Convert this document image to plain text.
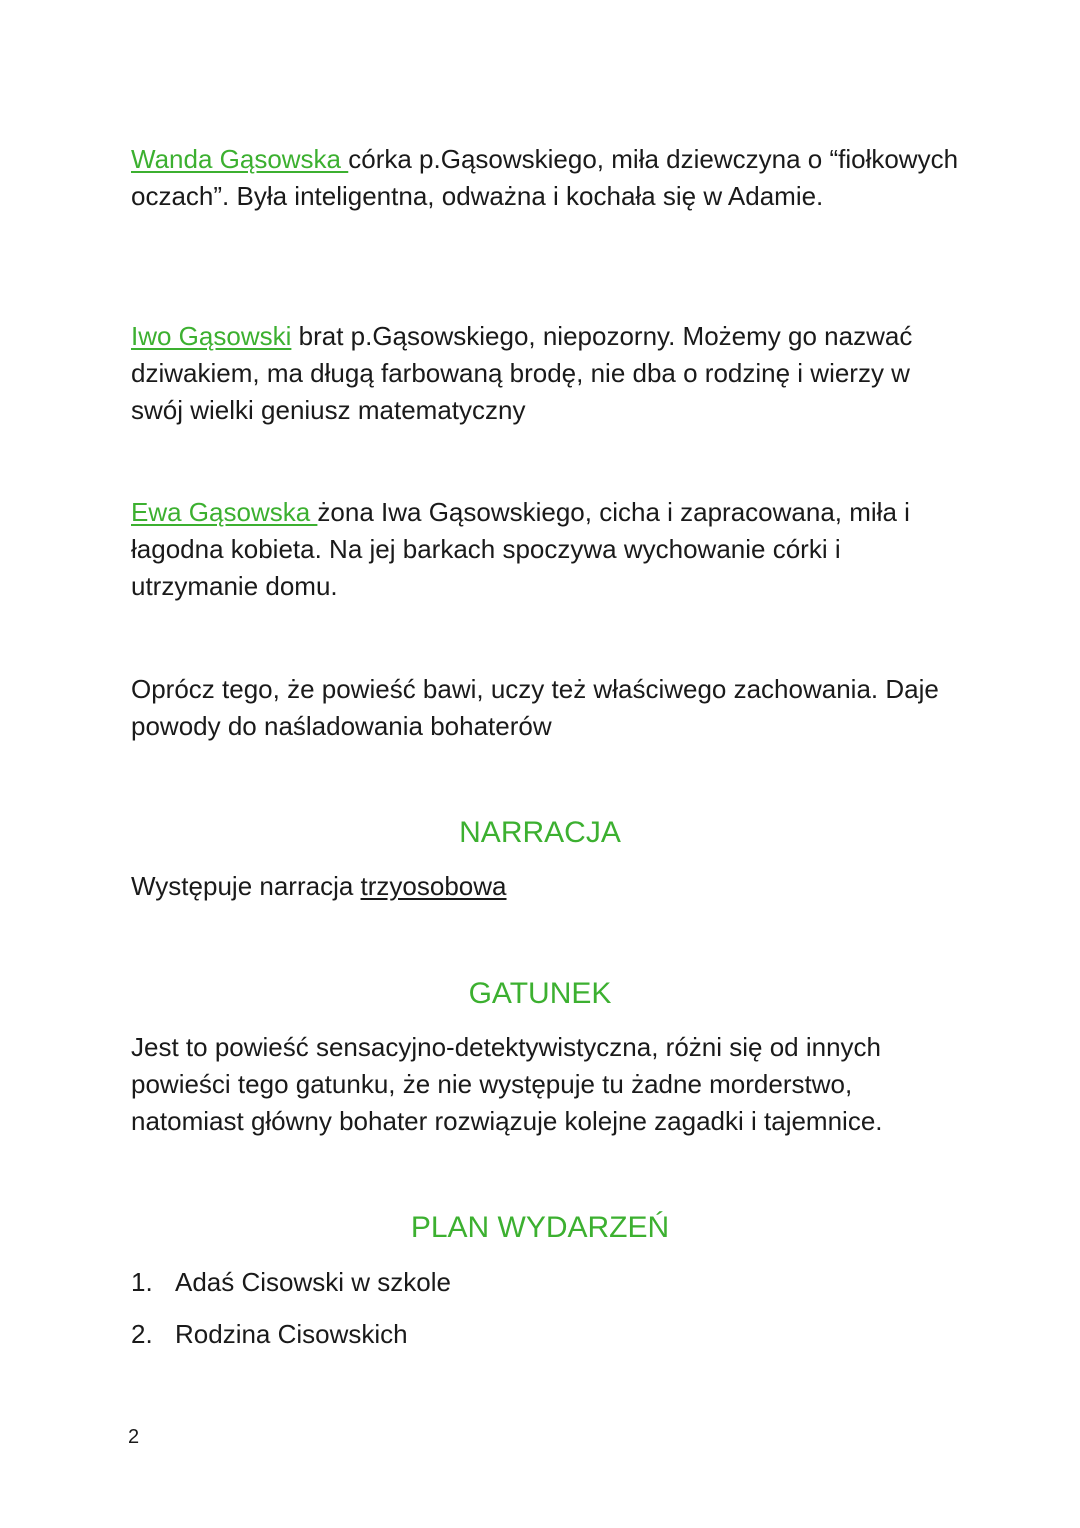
Wanda Gąsowska córka p.Gąsowskiego, miła dziewczyna o “fiołkowych oczach”. Była inteligentna, odważna i kochała się w Adamie.

Iwo Gąsowski brat p.Gąsowskiego, niepozorny. Możemy go nazwać dziwakiem, ma długą farbowaną brodę, nie dba o rodzinę i wierzy w swój wielki geniusz matematyczny

Ewa Gąsowska żona Iwa Gąsowskiego, cicha i zapracowana, miła i łagodna kobieta. Na jej barkach spoczywa wychowanie córki i utrzymanie domu.

Oprócz tego, że powieść bawi, uczy też właściwego zachowania. Daje powody do naśladowania bohaterów

NARRACJA

Występuje narracja trzyosobowa

GATUNEK

Jest to powieść sensacyjno-detektywistyczna, różni się od innych powieści tego gatunku, że nie występuje tu żadne morderstwo, natomiast główny bohater rozwiązuje kolejne zagadki i tajemnice.

PLAN WYDARZEŃ
1. Adaś Cisowski w szkole
2. Rodzina Cisowskich
2
